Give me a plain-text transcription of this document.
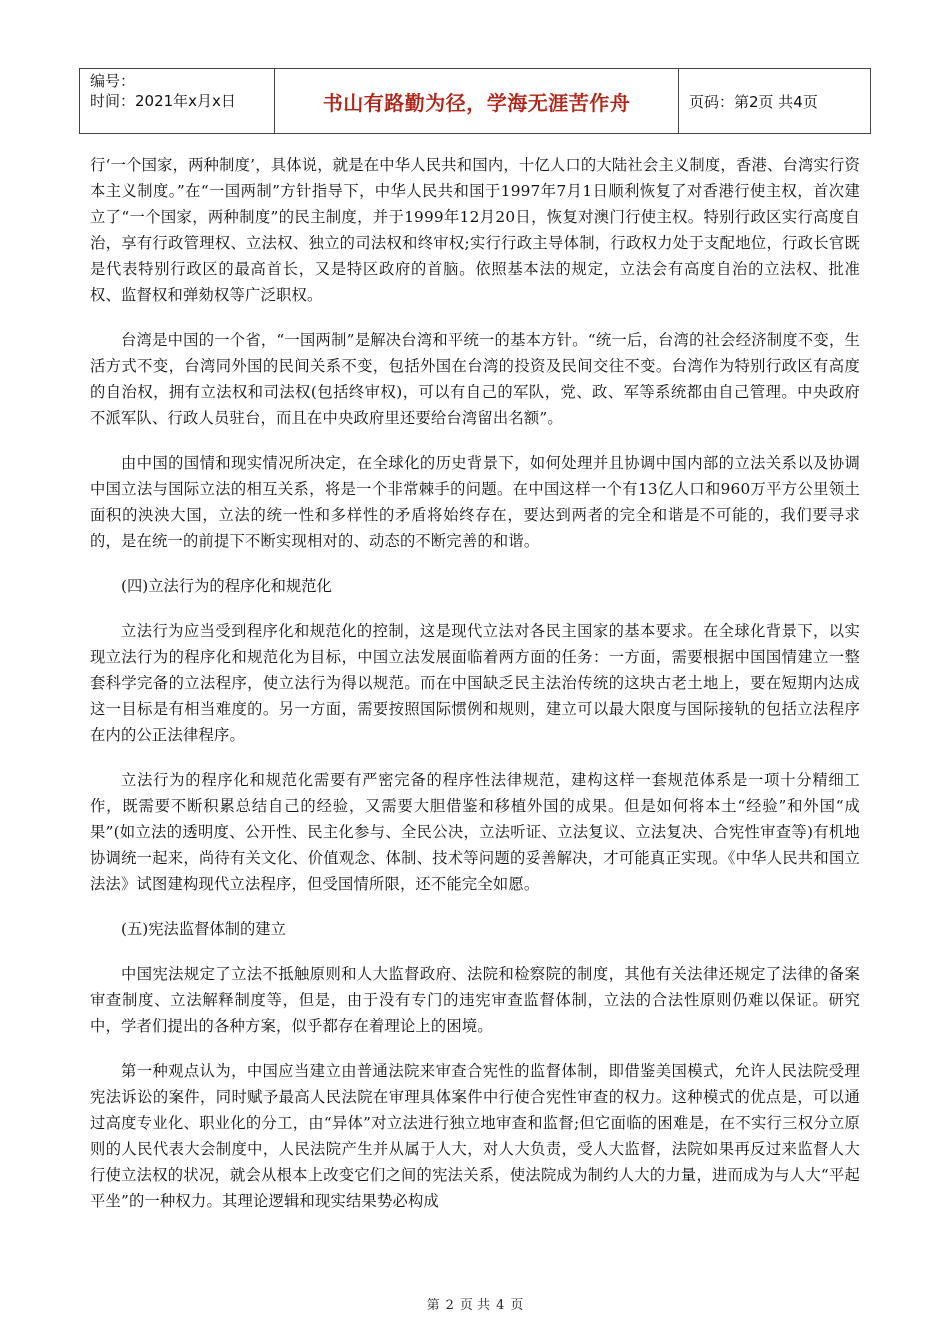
编号：
时间：2021年x月x日	书山有路勤为径，学海无涯苦作舟	页码：第2页 共4页

行‘一个国家，两种制度’，具体说，就是在中华人民共和国内，十亿人口的大陆社会主义制度，香港、台湾实行资本主义制度。”在“一国两制”方针指导下，中华人民共和国于1997年7月1日顺利恢复了对香港行使主权，首次建立了“一个国家，两种制度”的民主制度，并于1999年12月20日，恢复对澳门行使主权。特别行政区实行高度自治，享有行政管理权、立法权、独立的司法权和终审权;实行行政主导体制，行政权力处于支配地位，行政长官既是代表特别行政区的最高首长，又是特区政府的首脑。依照基本法的规定，立法会有高度自治的立法权、批准权、监督权和弹劾权等广泛职权。

台湾是中国的一个省，“一国两制”是解决台湾和平统一的基本方针。“统一后，台湾的社会经济制度不变，生活方式不变，台湾同外国的民间关系不变，包括外国在台湾的投资及民间交往不变。台湾作为特别行政区有高度的自治权，拥有立法权和司法权(包括终审权)，可以有自己的军队，党、政、军等系统都由自己管理。中央政府不派军队、行政人员驻台，而且在中央政府里还要给台湾留出名额”。

由中国的国情和现实情况所决定，在全球化的历史背景下，如何处理并且协调中国内部的立法关系以及协调中国立法与国际立法的相互关系，将是一个非常棘手的问题。在中国这样一个有13亿人口和960万平方公里领土面积的泱泱大国，立法的统一性和多样性的矛盾将始终存在，要达到两者的完全和谐是不可能的，我们要寻求的，是在统一的前提下不断实现相对的、动态的不断完善的和谐。

(四)立法行为的程序化和规范化

立法行为应当受到程序化和规范化的控制，这是现代立法对各民主国家的基本要求。在全球化背景下，以实现立法行为的程序化和规范化为目标，中国立法发展面临着两方面的任务：一方面，需要根据中国国情建立一整套科学完备的立法程序，使立法行为得以规范。而在中国缺乏民主法治传统的这块古老土地上，要在短期内达成这一目标是有相当难度的。另一方面，需要按照国际惯例和规则，建立可以最大限度与国际接轨的包括立法程序在内的公正法律程序。

立法行为的程序化和规范化需要有严密完备的程序性法律规范，建构这样一套规范体系是一项十分精细工作，既需要不断积累总结自己的经验，又需要大胆借鉴和移植外国的成果。但是如何将本土“经验”和外国“成果”(如立法的透明度、公开性、民主化参与、全民公决，立法听证、立法复议、立法复决、合宪性审查等)有机地协调统一起来，尚待有关文化、价值观念、体制、技术等问题的妥善解决，才可能真正实现。《中华人民共和国立法法》试图建构现代立法程序，但受国情所限，还不能完全如愿。

(五)宪法监督体制的建立

中国宪法规定了立法不抵触原则和人大监督政府、法院和检察院的制度，其他有关法律还规定了法律的备案审查制度、立法解释制度等，但是，由于没有专门的违宪审查监督体制，立法的合法性原则仍难以保证。研究中，学者们提出的各种方案，似乎都存在着理论上的困境。

第一种观点认为，中国应当建立由普通法院来审查合宪性的监督体制，即借鉴美国模式，允许人民法院受理宪法诉讼的案件，同时赋予最高人民法院在审理具体案件中行使合宪性审查的权力。这种模式的优点是，可以通过高度专业化、职业化的分工，由“异体”对立法进行独立地审查和监督;但它面临的困难是，在不实行三权分立原则的人民代表大会制度中，人民法院产生并从属于人大，对人大负责，受人大监督，法院如果再反过来监督人大行使立法权的状况，就会从根本上改变它们之间的宪法关系，使法院成为制约人大的力量，进而成为与人大“平起平坐”的一种权力。其理论逻辑和现实结果势必构成

第 2 页 共 4 页
